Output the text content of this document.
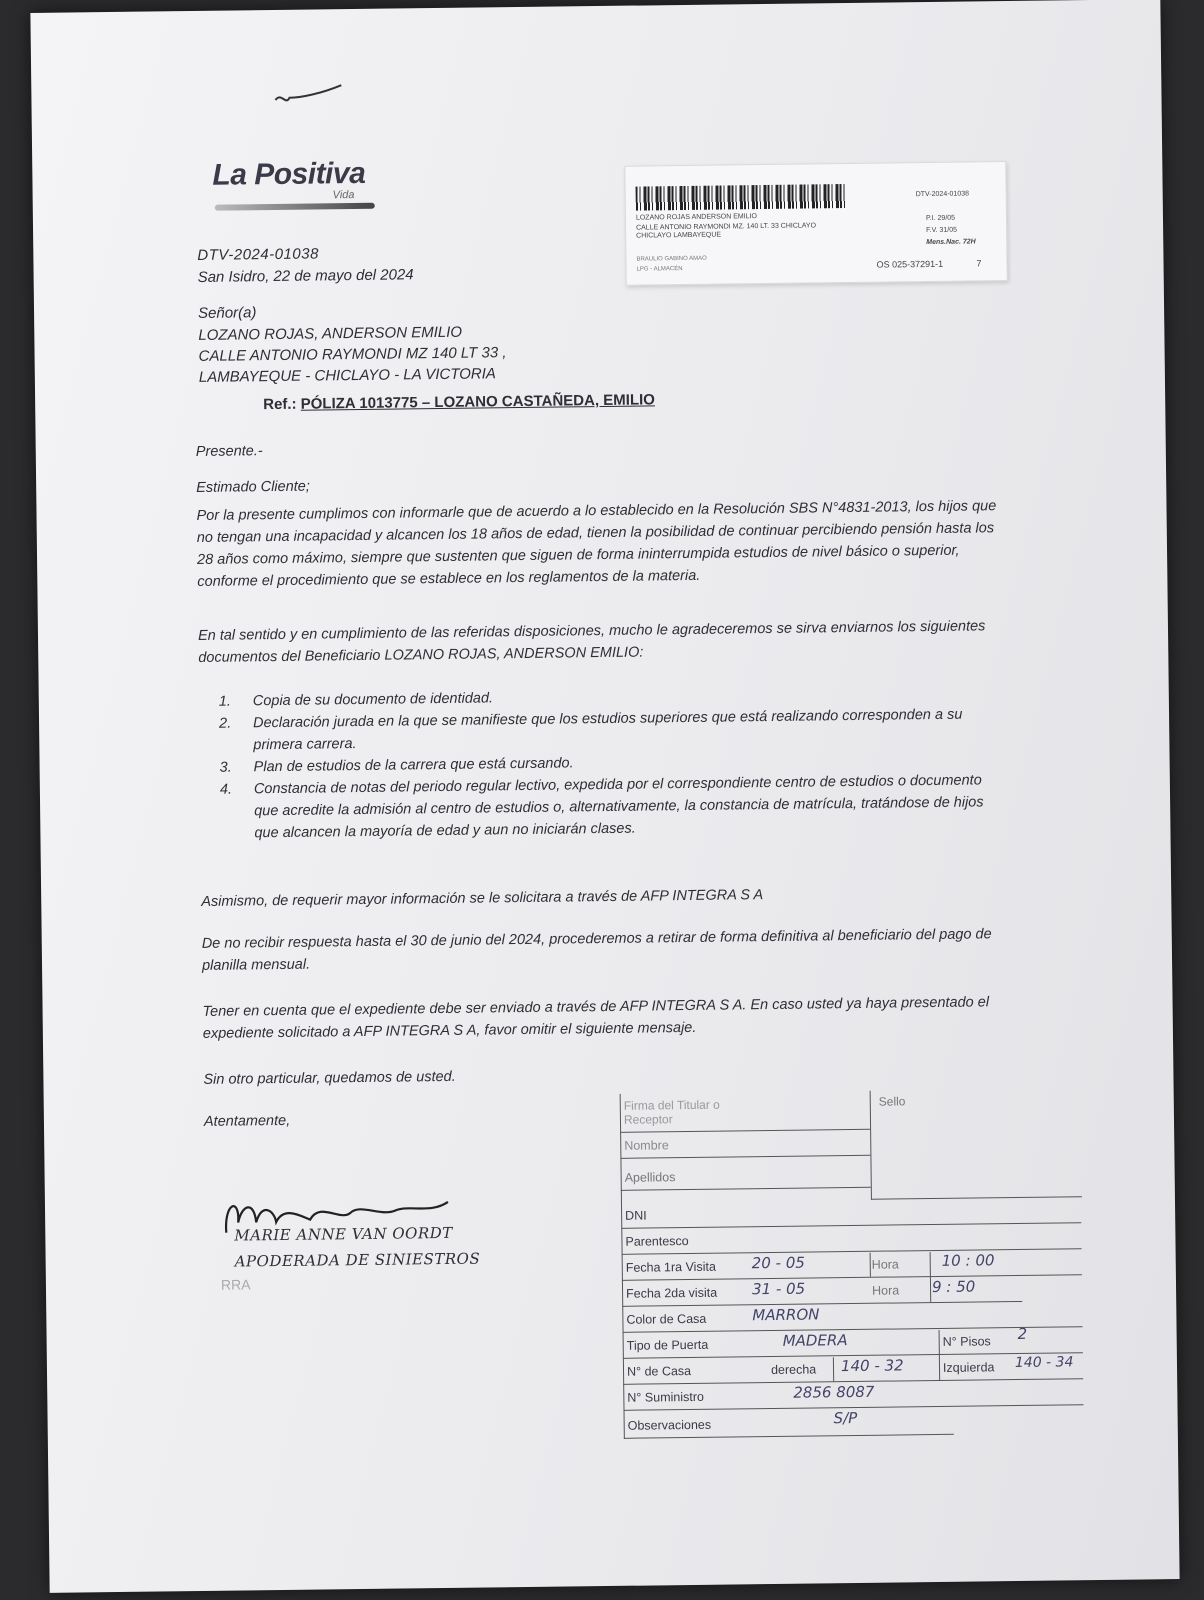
La Positiva
Vida
DTV-2024-01038
San Isidro, 22 de mayo del 2024
DTV-2024-01038
LOZANO ROJAS ANDERSON EMILIO
CALLE ANTONIO RAYMONDI MZ. 140 LT. 33 CHICLAYO
CHICLAYO LAMBAYEQUE
P.I. 29/05
F.V. 31/05
Mens.Nac. 72H
BRAULIO GABINO AMAO
LPG - ALMACÉN	OS 025-37291-1	7
Señor(a)
LOZANO ROJAS, ANDERSON EMILIO
CALLE ANTONIO RAYMONDI MZ 140 LT 33 ,
LAMBAYEQUE - CHICLAYO - LA VICTORIA
Ref.: PÓLIZA 1013775 – LOZANO CASTAÑEDA, EMILIO
Presente.-
Estimado Cliente;
Por la presente cumplimos con informarle que de acuerdo a lo establecido en la Resolución SBS N°4831-2013, los hijos que no tengan una incapacidad y alcancen los 18 años de edad, tienen la posibilidad de continuar percibiendo pensión hasta los 28 años como máximo, siempre que sustenten que siguen de forma ininterrumpida estudios de nivel básico o superior, conforme el procedimiento que se establece en los reglamentos de la materia.
En tal sentido y en cumplimiento de las referidas disposiciones, mucho le agradeceremos se sirva enviarnos los siguientes documentos del Beneficiario LOZANO ROJAS, ANDERSON EMILIO:
1. Copia de su documento de identidad.
2. Declaración jurada en la que se manifieste que los estudios superiores que está realizando corresponden a su primera carrera.
3. Plan de estudios de la carrera que está cursando.
4. Constancia de notas del periodo regular lectivo, expedida por el correspondiente centro de estudios o documento que acredite la admisión al centro de estudios o, alternativamente, la constancia de matrícula, tratándose de hijos que alcancen la mayoría de edad y aun no iniciarán clases.
Asimismo, de requerir mayor información se le solicitara a través de AFP INTEGRA S A
De no recibir respuesta hasta el 30 de junio del 2024, procederemos a retirar de forma definitiva al beneficiario del pago de planilla mensual.
Tener en cuenta que el expediente debe ser enviado a través de AFP INTEGRA S A. En caso usted ya haya presentado el expediente solicitado a AFP INTEGRA S A, favor omitir el siguiente mensaje.
Sin otro particular, quedamos de usted.
Atentamente,
MARIE ANNE VAN OORDT
APODERADA DE SINIESTROS
RRA
Sello
Firma del Titular o Receptor
Nombre
Apellidos
DNI
Parentesco
Fecha 1ra Visita 20 - 05	Hora	10 : 00
Fecha 2da visita 31 - 05	Hora 9 : 50
Color de Casa	MARRON
Tipo de Puerta	MADERA	N° Pisos 2
N° de Casa	derecha 140 - 32	Izquierda 140 - 34
N° Suministro	2856 8087
Observaciones	S/P
